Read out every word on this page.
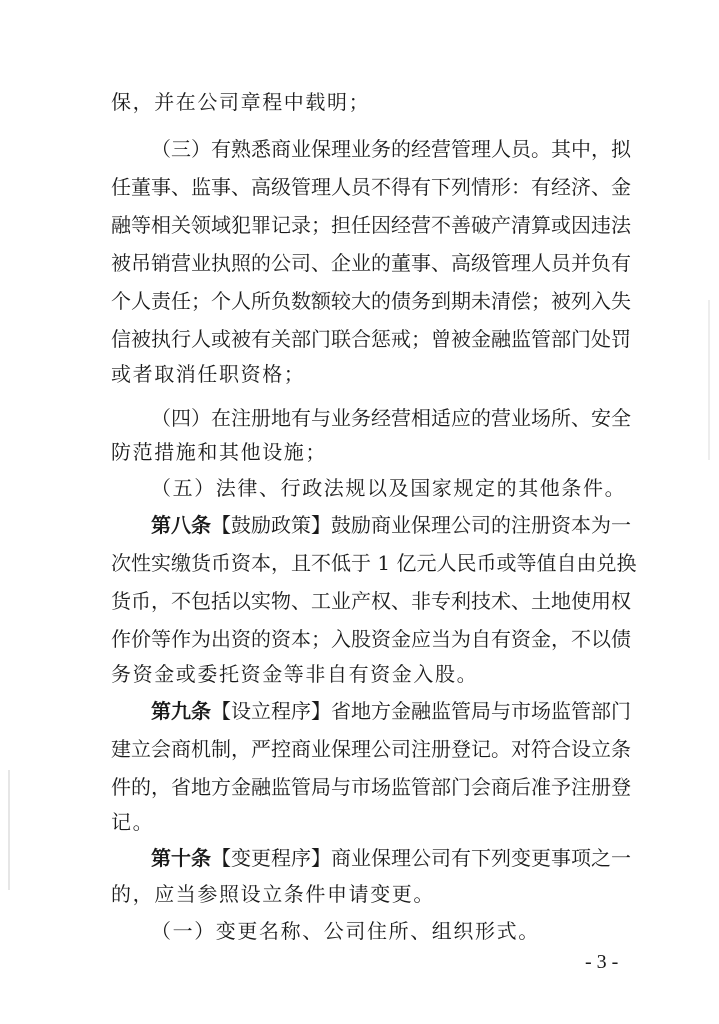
保，并在公司章程中载明；
（三）有熟悉商业保理业务的经营管理人员。其中，拟
任董事、监事、高级管理人员不得有下列情形：有经济、金
融等相关领域犯罪记录；担任因经营不善破产清算或因违法
被吊销营业执照的公司、企业的董事、高级管理人员并负有
个人责任；个人所负数额较大的债务到期未清偿；被列入失
信被执行人或被有关部门联合惩戒；曾被金融监管部门处罚
或者取消任职资格；
（四）在注册地有与业务经营相适应的营业场所、安全
防范措施和其他设施；
（五）法律、行政法规以及国家规定的其他条件。
第八条【鼓励政策】鼓励商业保理公司的注册资本为一
次性实缴货币资本，且不低于 1 亿元人民币或等值自由兑换
货币，不包括以实物、工业产权、非专利技术、土地使用权
作价等作为出资的资本；入股资金应当为自有资金，不以债
务资金或委托资金等非自有资金入股。
第九条【设立程序】省地方金融监管局与市场监管部门
建立会商机制，严控商业保理公司注册登记。对符合设立条
件的，省地方金融监管局与市场监管部门会商后准予注册登
记。
第十条【变更程序】商业保理公司有下列变更事项之一
的，应当参照设立条件申请变更。
（一）变更名称、公司住所、组织形式。
- 3 -
